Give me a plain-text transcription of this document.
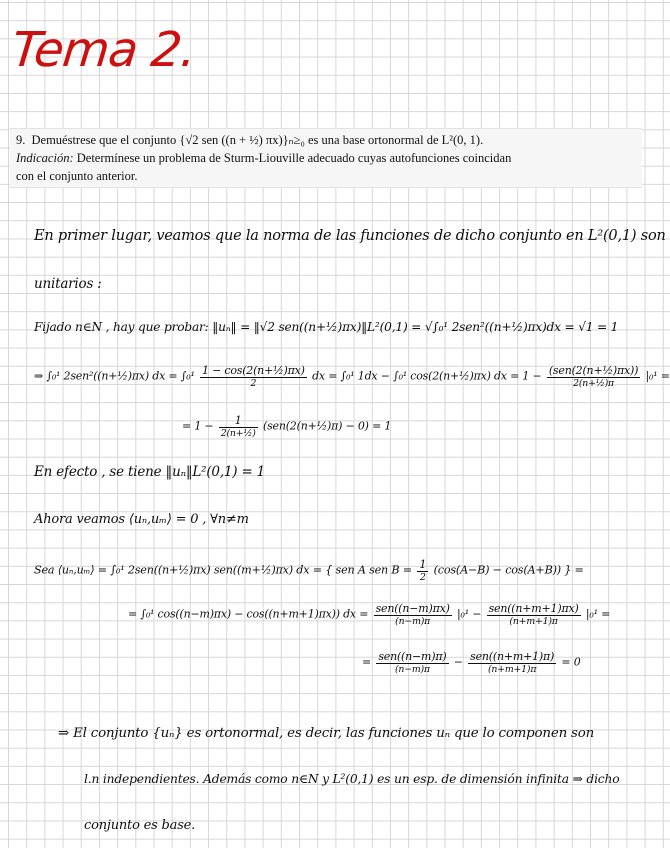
Tema 2.
9. Demuéstrese que el conjunto {√2 sen ((n + ½) πx)}ₙ≥₀ es una base ortonormal de L²(0, 1).
Indicación: Determínese un problema de Sturm-Liouville adecuado cuyas autofunciones coincidan
con el conjunto anterior.
En primer lugar, veamos que la norma de las funciones de dicho conjunto en L²(0,1) son
unitarios :
Fijado n∈N , hay que probar: ‖uₙ‖ = ‖√2 sen((n+½)πx)‖L²(0,1) = √∫₀¹ 2sen²((n+½)πx)dx = √1 = 1
⇒ ∫₀¹ 2sen²((n+½)πx) dx = $\int_0^1 \frac{\text{1 − cos(2(n+½)πx)}}{2}$ dx = ∫₀¹ 1dx − ∫₀¹ cos(2(n+½)πx) dx = $1 - \frac{\text{(sen(2(n+½)πx))}}{\text{2(n+½)π}} |_0^1$ =
= $1 - \frac{1}{\text{2(n+½)}}$ (sen(2(n+½)π) − 0) = 1
En efecto , se tiene ‖uₙ‖L²(0,1) = 1
Ahora veamos ⟨uₙ,uₘ⟩ = 0 , ∀n≠m
Sea ⟨uₙ,uₘ⟩ = ∫₀¹ 2sen((n+½)πx) sen((m+½)πx) dx = { sen A sen $B = \frac{1}{2} (\cos(A-B) - \cos(A+B))$ } =
= ∫₀¹ cos((n−m)πx) − cos((n+m+1)πx)) dx = $\frac{\text{sen((n−m)πx)}}{(n-m)\pi} |_0^1 - \frac{\text{sen((n+m+1)πx)}}{(n+m+1)\pi} |_0^1$ =
= $\frac{\text{sen((n−m)π)}}{(n-m)\pi} - \frac{\text{sen((n+m+1)π)}}{(n+m+1)\pi} = 0$
⇒ El conjunto {uₙ} es ortonormal, es decir, las funciones uₙ que lo componen son
l.n independientes. Además como n∈N y L²(0,1) es un esp. de dimensión infinita ⇒ dicho
conjunto es base.
